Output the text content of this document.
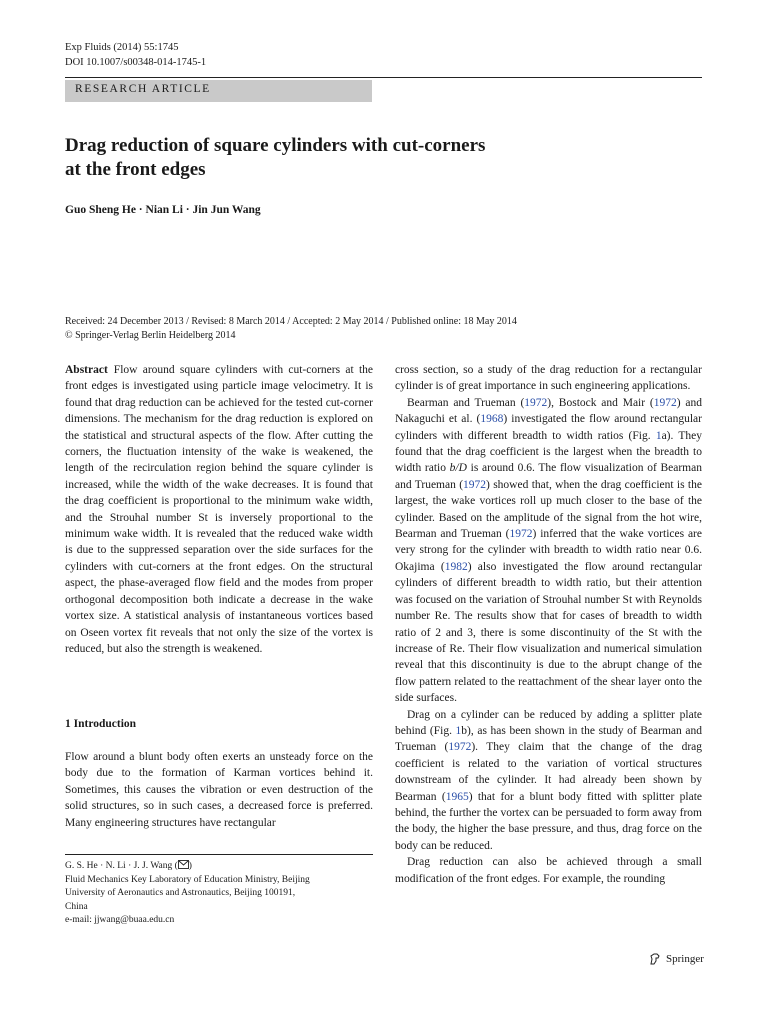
Exp Fluids (2014) 55:1745
DOI 10.1007/s00348-014-1745-1
RESEARCH ARTICLE
Drag reduction of square cylinders with cut-corners
at the front edges
Guo Sheng He · Nian Li · Jin Jun Wang
Received: 24 December 2013 / Revised: 8 March 2014 / Accepted: 2 May 2014 / Published online: 18 May 2014
© Springer-Verlag Berlin Heidelberg 2014

Abstract Flow around square cylinders with cut-corners at the front edges is investigated using particle image velocimetry. It is found that drag reduction can be achieved for the tested cut-corner dimensions. The mechanism for the drag reduction is explored on the statistical and structural aspects of the flow. After cutting the corners, the fluctuation intensity of the wake is weakened, the length of the recirculation region behind the square cylinder is increased, while the width of the wake decreases. It is found that the drag coefficient is proportional to the minimum wake width, and the Strouhal number St is inversely proportional to the minimum wake width. It is revealed that the reduced wake width is due to the suppressed separation over the side surfaces for the cylinders with cut-corners at the front edges. On the structural aspect, the phase-averaged flow field and the modes from proper orthogonal decomposition both indicate a decrease in the wake vortex size. A statistical analysis of instantaneous vortices based on Oseen vortex fit reveals that not only the size of the vortex is reduced, but also the strength is weakened.

1 Introduction

Flow around a blunt body often exerts an unsteady force on the body due to the formation of Karman vortices behind it. Sometimes, this causes the vibration or even destruction of the solid structures, so in such cases, a decreased force is preferred. Many engineering structures have rectangular

G. S. He · N. Li · J. J. Wang ( )
Fluid Mechanics Key Laboratory of Education Ministry, Beijing
University of Aeronautics and Astronautics, Beijing 100191,
China
e-mail: jjwang@buaa.edu.cn

cross section, so a study of the drag reduction for a rectangular cylinder is of great importance in such engineering applications.

Bearman and Trueman (1972), Bostock and Mair (1972) and Nakaguchi et al. (1968) investigated the flow around rectangular cylinders with different breadth to width ratios (Fig. 1a). They found that the drag coefficient is the largest when the breadth to width ratio b/D is around 0.6. The flow visualization of Bearman and Trueman (1972) showed that, when the drag coefficient is the largest, the wake vortices roll up much closer to the base of the cylinder. Based on the amplitude of the signal from the hot wire, Bearman and Trueman (1972) inferred that the wake vortices are very strong for the cylinder with breadth to width ratio near 0.6. Okajima (1982) also investigated the flow around rectangular cylinders of different breadth to width ratio, but their attention was focused on the variation of Strouhal number St with Reynolds number Re. The results show that for cases of breadth to width ratio of 2 and 3, there is some discontinuity of the St with the increase of Re. Their flow visualization and numerical simulation reveal that this discontinuity is due to the abrupt change of the flow pattern related to the reattachment of the shear layer onto the side surfaces.

Drag on a cylinder can be reduced by adding a splitter plate behind (Fig. 1b), as has been shown in the study of Bearman and Trueman (1972). They claim that the change of the drag coefficient is related to the variation of vortical structures downstream of the cylinder. It had already been shown by Bearman (1965) that for a blunt body fitted with splitter plate behind, the further the vortex can be persuaded to form away from the body, the higher the base pressure, and thus, drag force on the body can be reduced.

Drag reduction can also be achieved through a small modification of the front edges. For example, the rounding

Springer
